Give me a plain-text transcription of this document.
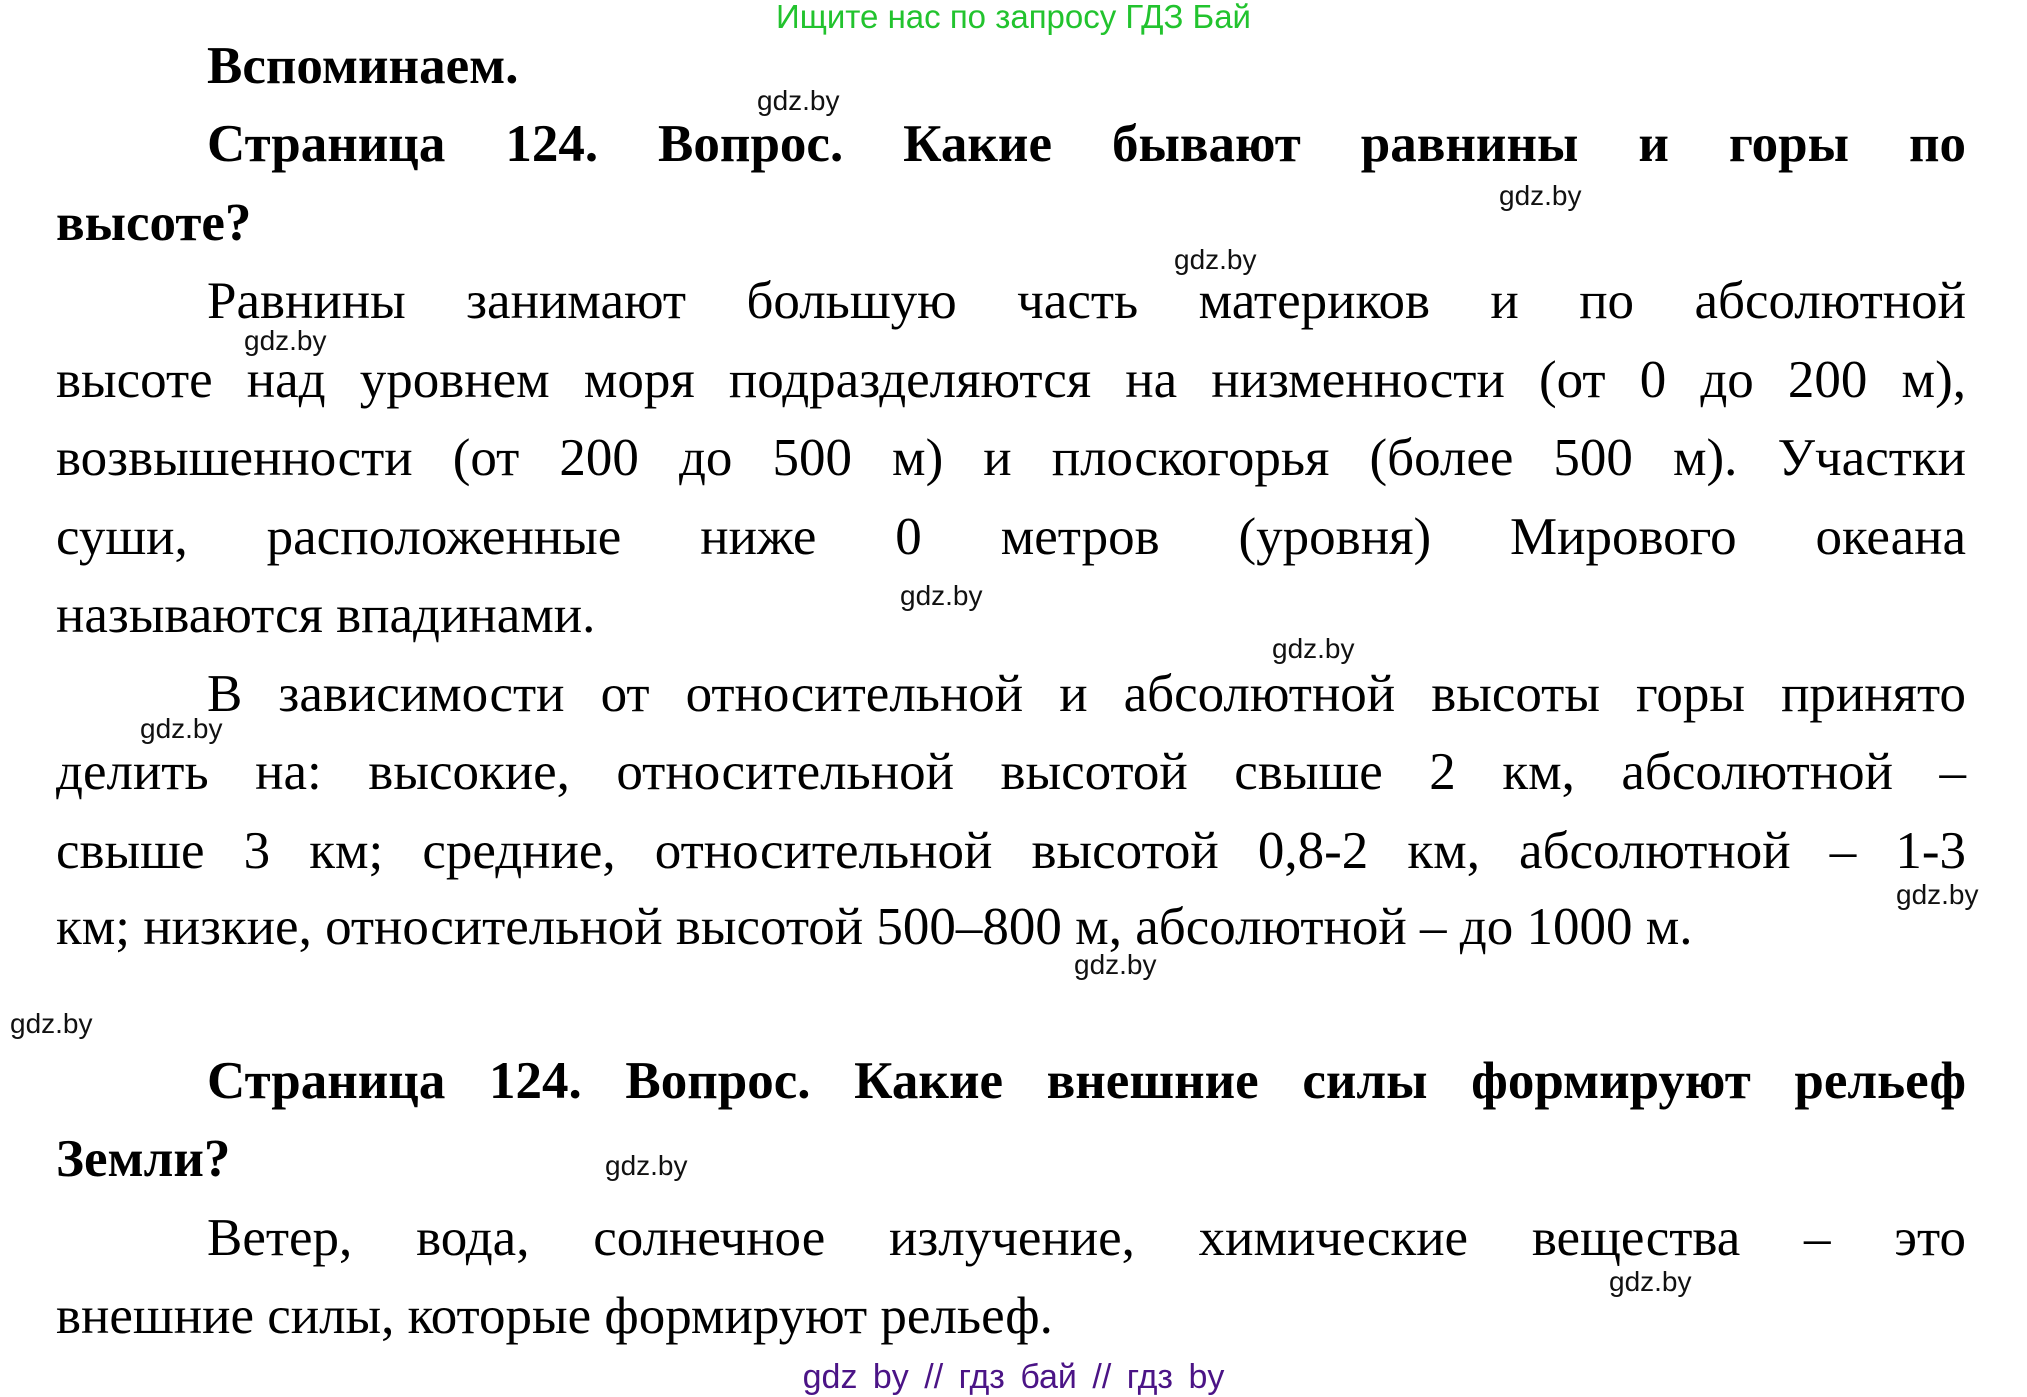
Ищите нас по запросу ГДЗ Бай
Вспоминаем.
Страница 124. Вопрос. Какие бывают равнины и горы по
высоте?
Равнины занимают большую часть материков и по абсолютной
высоте над уровнем моря подразделяются на низменности (от 0 до 200 м),
возвышенности (от 200 до 500 м) и плоскогорья (более 500 м). Участки
суши, расположенные ниже 0 метров (уровня) Мирового океана
называются впадинами.
В зависимости от относительной и абсолютной высоты горы принято
делить на: высокие, относительной высотой свыше 2 км, абсолютной –
свыше 3 км; средние, относительной высотой 0,8-2 км, абсолютной – 1-3
км; низкие, относительной высотой 500–800 м, абсолютной – до 1000 м.
Страница 124. Вопрос. Какие внешние силы формируют рельеф
Земли?
Ветер, вода, солнечное излучение, химические вещества – это
внешние силы, которые формируют рельеф.
gdz.by
gdz.by
gdz.by
gdz.by
gdz.by
gdz.by
gdz.by
gdz.by
gdz.by
gdz.by
gdz.by
gdz.by
gdz by // гдз бай // гдз by
